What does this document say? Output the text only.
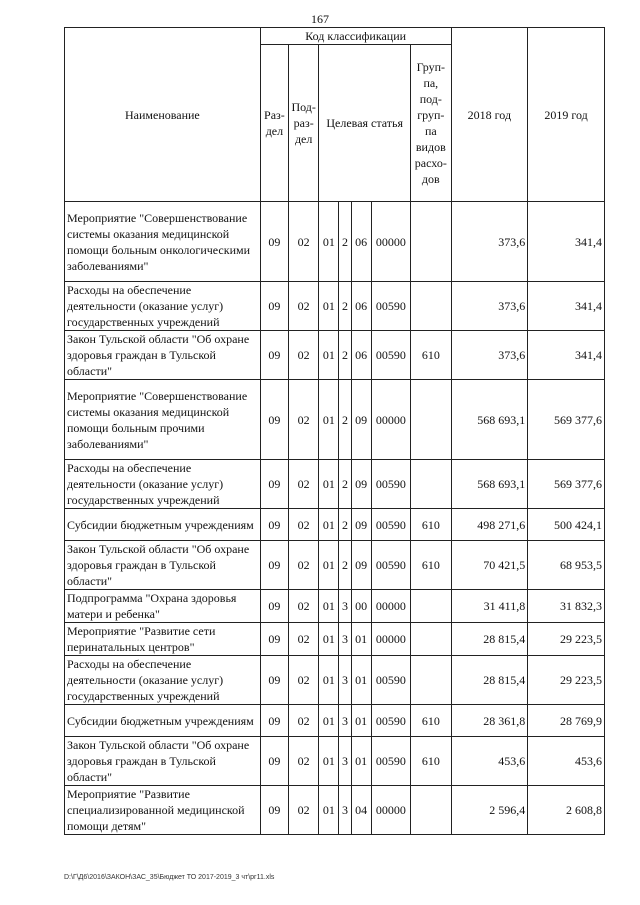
167
Наименование	Код классификации							2018 год	2019 год
	Раз- дел	Под- раз- дел	Целевая статья				Груп- па, под- груп- па видов расхо- дов		
Мероприятие "Совершенствование системы оказания медицинской помощи больным онкологическими заболеваниями"	09	02	01	2	06	00000		373,6	341,4
Расходы на обеспечение деятельности (оказание услуг) государственных учреждений	09	02	01	2	06	00590		373,6	341,4
Закон Тульской области "Об охране здоровья граждан в Тульской области"	09	02	01	2	06	00590	610	373,6	341,4
Мероприятие "Совершенствование системы оказания медицинской помощи больным прочими заболеваниями"	09	02	01	2	09	00000		568 693,1	569 377,6
Расходы на обеспечение деятельности (оказание услуг) государственных учреждений	09	02	01	2	09	00590		568 693,1	569 377,6
Субсидии бюджетным учреждениям	09	02	01	2	09	00590	610	498 271,6	500 424,1
Закон Тульской области "Об охране здоровья граждан в Тульской области"	09	02	01	2	09	00590	610	70 421,5	68 953,5
Подпрограмма "Охрана здоровья матери и ребенка"	09	02	01	3	00	00000		31 411,8	31 832,3
Мероприятие "Развитие сети перинатальных центров"	09	02	01	3	01	00000		28 815,4	29 223,5
Расходы на обеспечение деятельности (оказание услуг) государственных учреждений	09	02	01	3	01	00590		28 815,4	29 223,5
Субсидии бюджетным учреждениям	09	02	01	3	01	00590	610	28 361,8	28 769,9
Закон Тульской области "Об охране здоровья граждан в Тульской области"	09	02	01	3	01	00590	610	453,6	453,6
Мероприятие "Развитие специализированной медицинской помощи детям"	09	02	01	3	04	00000		2 596,4	2 608,8
D:\Г\Д6\2016\ЗАКОН\ЗАС_35\Бюджет ТО 2017-2019_3 чт\рг11.xls
